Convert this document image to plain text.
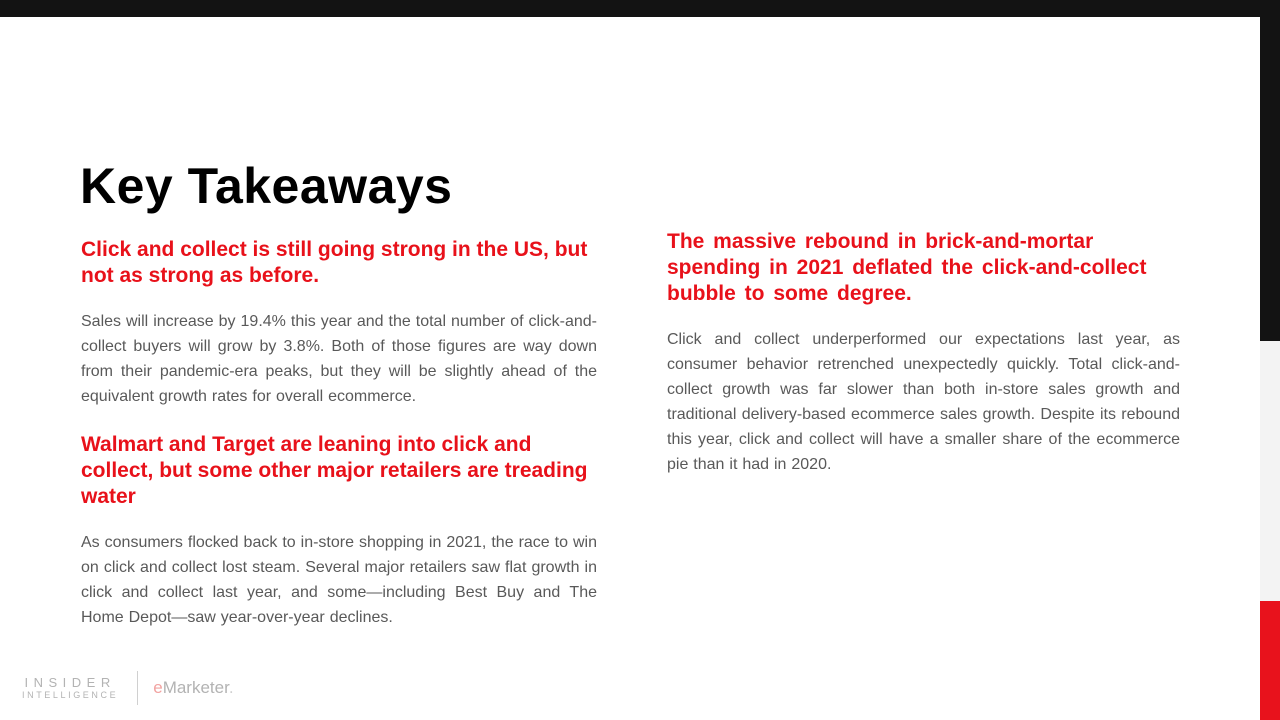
Key Takeaways
Click and collect is still going strong in the US, but not as strong as before.

Sales will increase by 19.4% this year and the total number of click-and-collect buyers will grow by 3.8%. Both of those figures are way down from their pandemic-era peaks, but they will be slightly ahead of the equivalent growth rates for overall ecommerce.

Walmart and Target are leaning into click and collect, but some other major retailers are treading water

As consumers flocked back to in-store shopping in 2021, the race to win on click and collect lost steam. Several major retailers saw flat growth in click and collect last year, and some—including Best Buy and The Home Depot—saw year-over-year declines.

The massive rebound in brick-and-mortar spending in 2021 deflated the click-and-collect bubble to some degree.

Click and collect underperformed our expectations last year, as consumer behavior retrenched unexpectedly quickly. Total click-and-collect growth was far slower than both in-store sales growth and traditional delivery-based ecommerce sales growth. Despite its rebound this year, click and collect will have a smaller share of the ecommerce pie than it had in 2020.

INSIDER
INTELLIGENCE eMarketer.
